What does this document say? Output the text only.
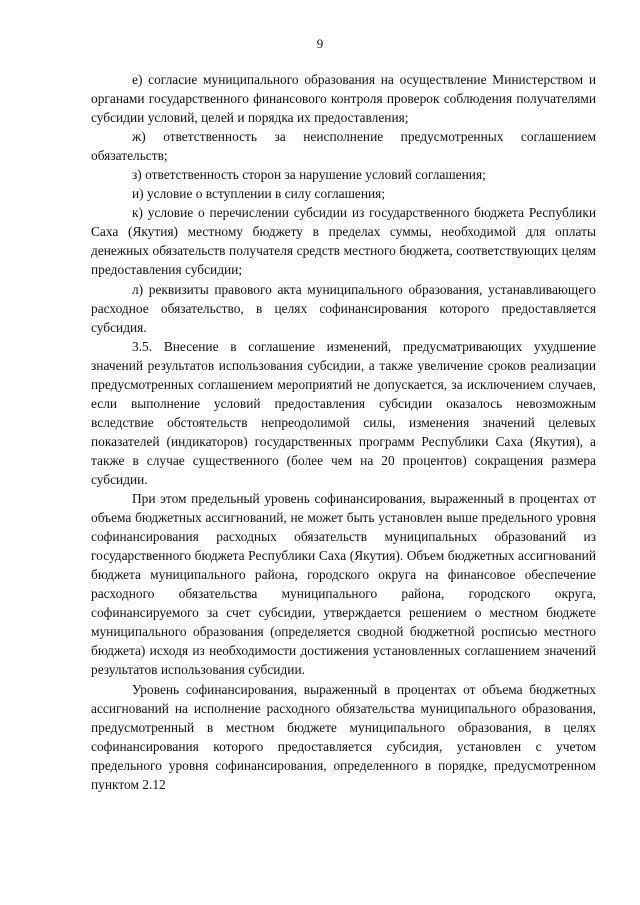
9

е) согласие муниципального образования на осуществление Министерством и органами государственного финансового контроля проверок соблюдения получателями субсидии условий, целей и порядка их предоставления;

ж) ответственность за неисполнение предусмотренных соглашением обязательств;

з) ответственность сторон за нарушение условий соглашения;

и) условие о вступлении в силу соглашения;

к) условие о перечислении субсидии из государственного бюджета Республики Саха (Якутия) местному бюджету в пределах суммы, необходимой для оплаты денежных обязательств получателя средств местного бюджета, соответствующих целям предоставления субсидии;

л) реквизиты правового акта муниципального образования, устанавливающего расходное обязательство, в целях софинансирования которого предоставляется субсидия.

3.5. Внесение в соглашение изменений, предусматривающих ухудшение значений результатов использования субсидии, а также увеличение сроков реализации предусмотренных соглашением мероприятий не допускается, за исключением случаев, если выполнение условий предоставления субсидии оказалось невозможным вследствие обстоятельств непреодолимой силы, изменения значений целевых показателей (индикаторов) государственных программ Республики Саха (Якутия), а также в случае существенного (более чем на 20 процентов) сокращения размера субсидии.

При этом предельный уровень софинансирования, выраженный в процентах от объема бюджетных ассигнований, не может быть установлен выше предельного уровня софинансирования расходных обязательств муниципальных образований из государственного бюджета Республики Саха (Якутия). Объем бюджетных ассигнований бюджета муниципального района, городского округа на финансовое обеспечение расходного обязательства муниципального района, городского округа, софинансируемого за счет субсидии, утверждается решением о местном бюджете муниципального образования (определяется сводной бюджетной росписью местного бюджета) исходя из необходимости достижения установленных соглашением значений результатов использования субсидии.

Уровень софинансирования, выраженный в процентах от объема бюджетных ассигнований на исполнение расходного обязательства муниципального образования, предусмотренный в местном бюджете муниципального образования, в целях софинансирования которого предоставляется субсидия, установлен с учетом предельного уровня софинансирования, определенного в порядке, предусмотренном пунктом 2.12
